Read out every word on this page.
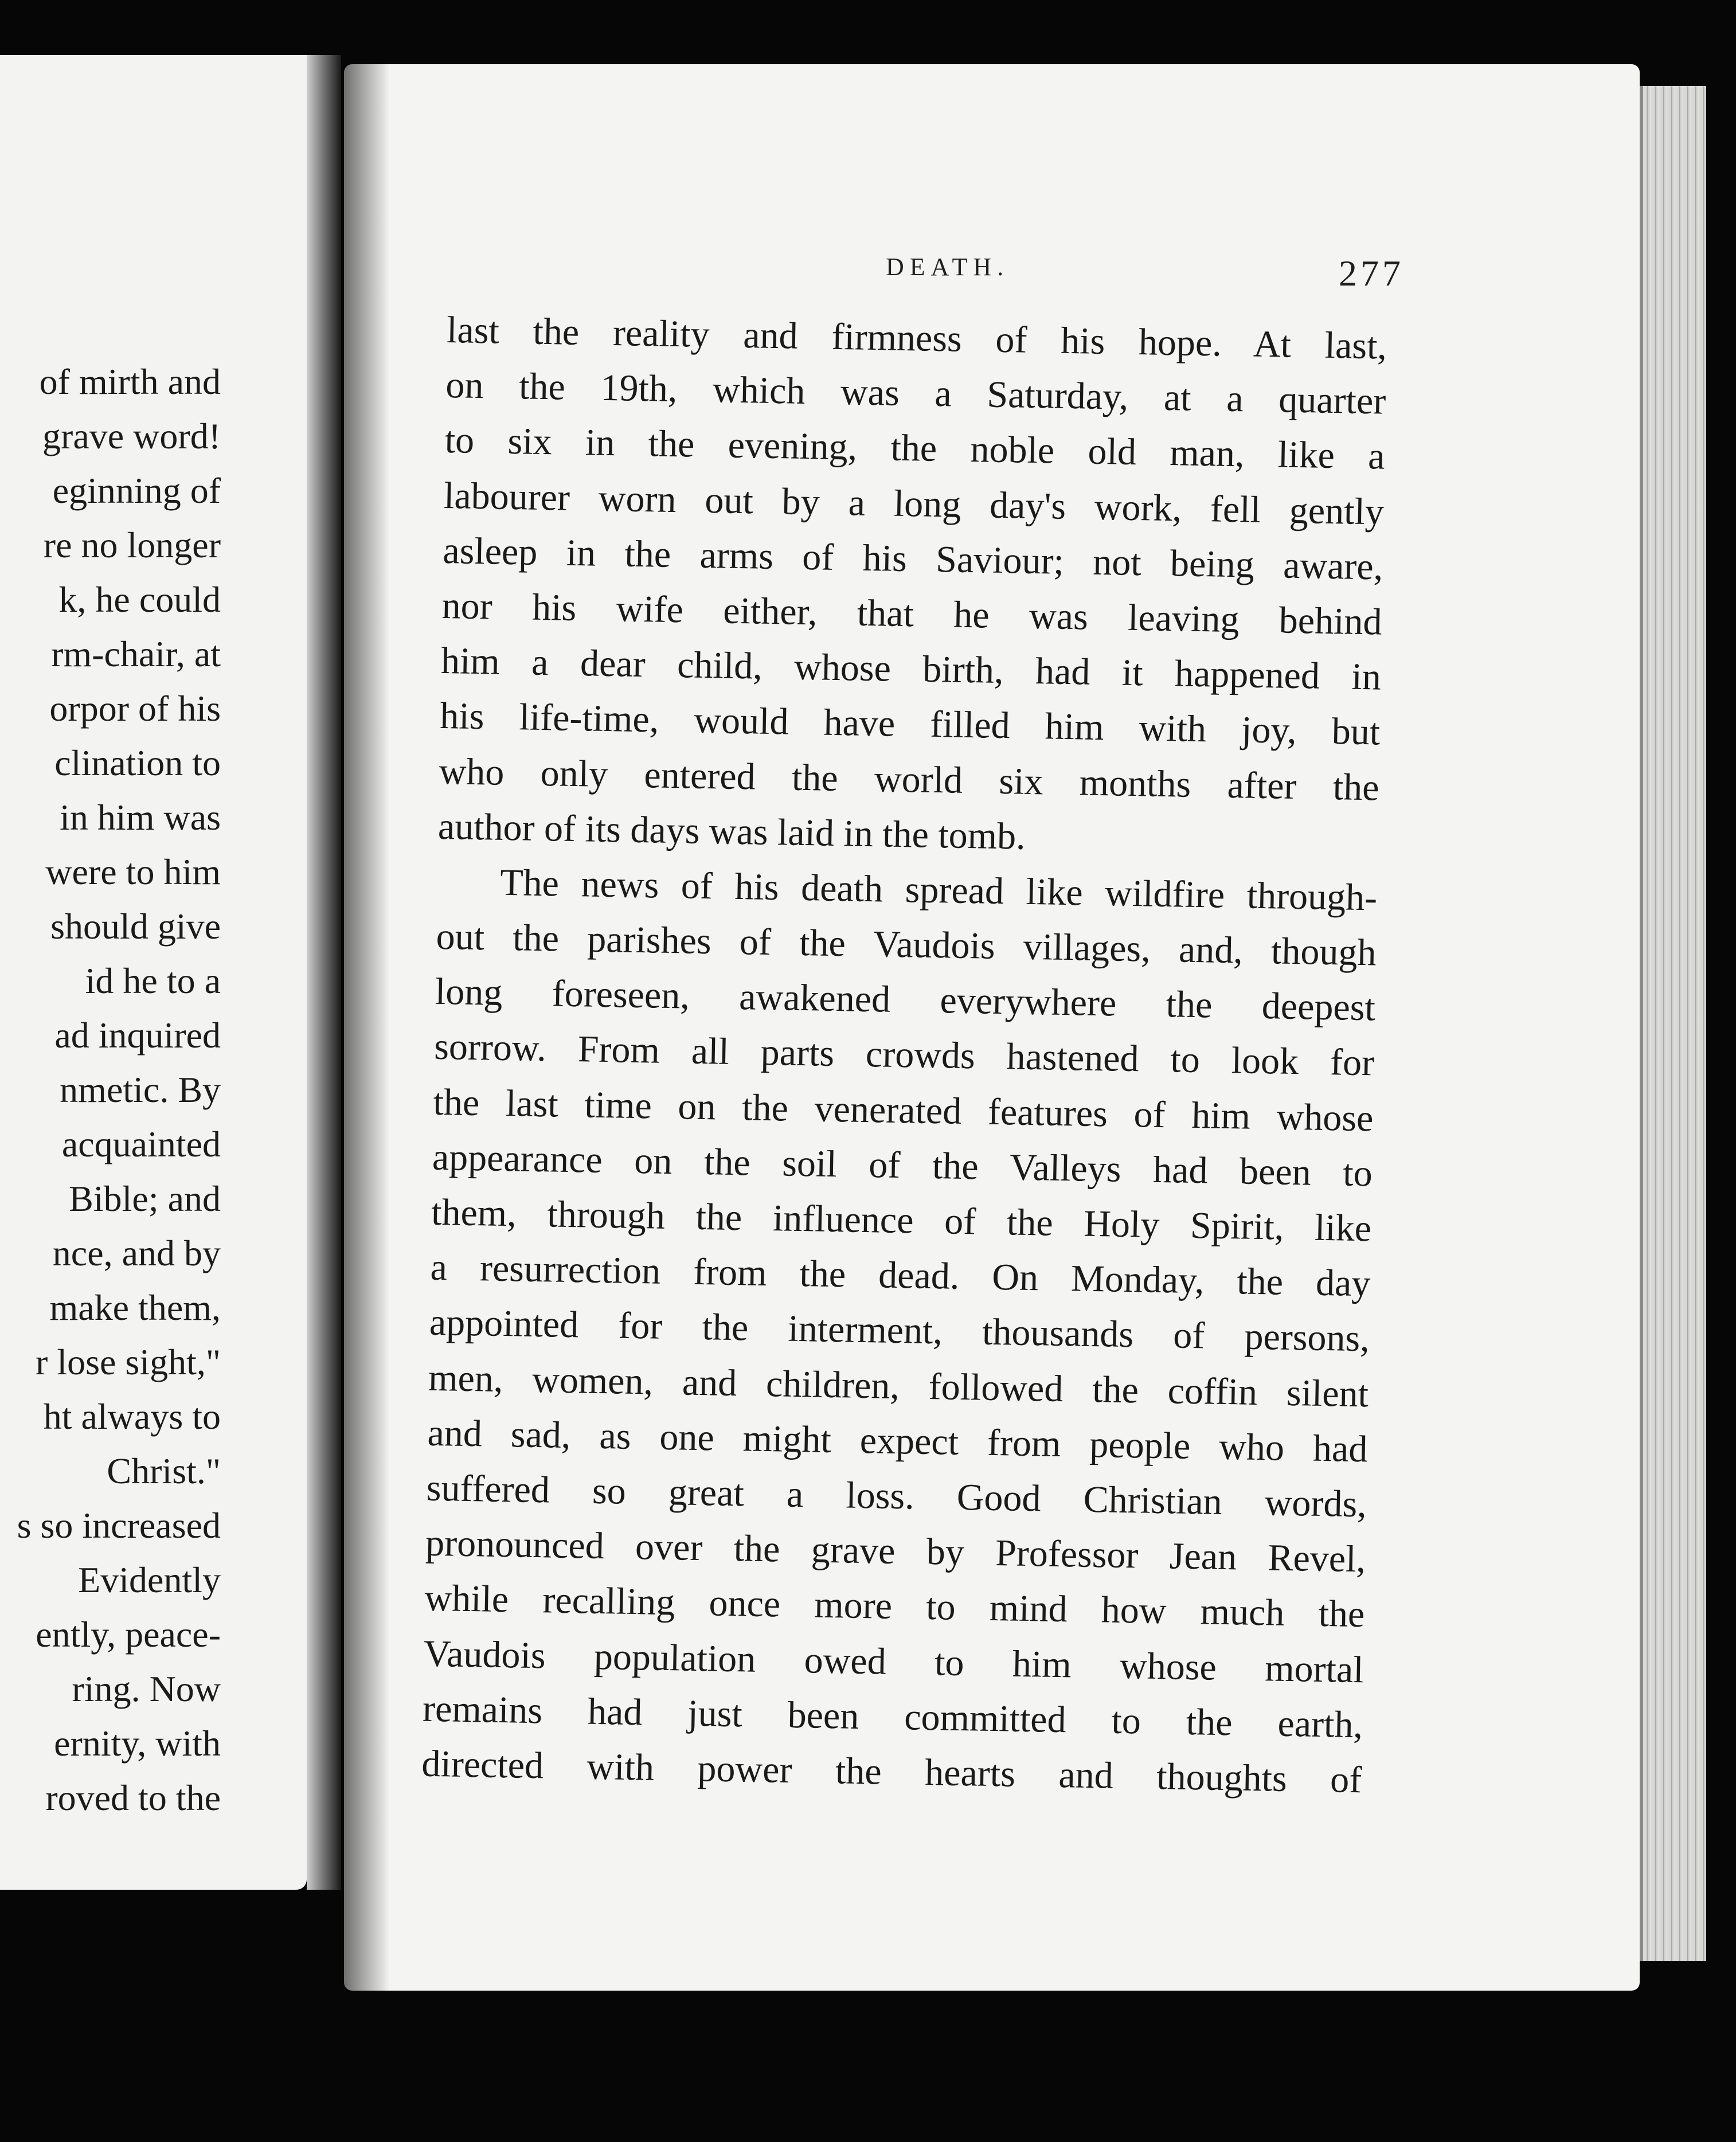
of mirth and
grave word!
eginning of
re no longer
k, he could
rm-chair, at
orpor of his
clination to
in him was
were to him
should give
id he to a
ad inquired
nmetic. By
acquainted
Bible; and
nce, and by
make them,
r lose sight,"
ht always to
Christ."
s so increased
Evidently
ently, peace-
ring. Now
ernity, with
roved to the
DEATH.	277
last the reality and firmness of his hope. At last,
on the 19th, which was a Saturday, at a quarter
to six in the evening, the noble old man, like a
labourer worn out by a long day's work, fell gently
asleep in the arms of his Saviour; not being aware,
nor his wife either, that he was leaving behind
him a dear child, whose birth, had it happened in
his life-time, would have filled him with joy, but
who only entered the world six months after the
author of its days was laid in the tomb.
The news of his death spread like wildfire through-
out the parishes of the Vaudois villages, and, though
long foreseen, awakened everywhere the deepest
sorrow. From all parts crowds hastened to look for
the last time on the venerated features of him whose
appearance on the soil of the Valleys had been to
them, through the influence of the Holy Spirit, like
a resurrection from the dead. On Monday, the day
appointed for the interment, thousands of persons,
men, women, and children, followed the coffin silent
and sad, as one might expect from people who had
suffered so great a loss. Good Christian words,
pronounced over the grave by Professor Jean Revel,
while recalling once more to mind how much the
Vaudois population owed to him whose mortal
remains had just been committed to the earth,
directed with power the hearts and thoughts of
